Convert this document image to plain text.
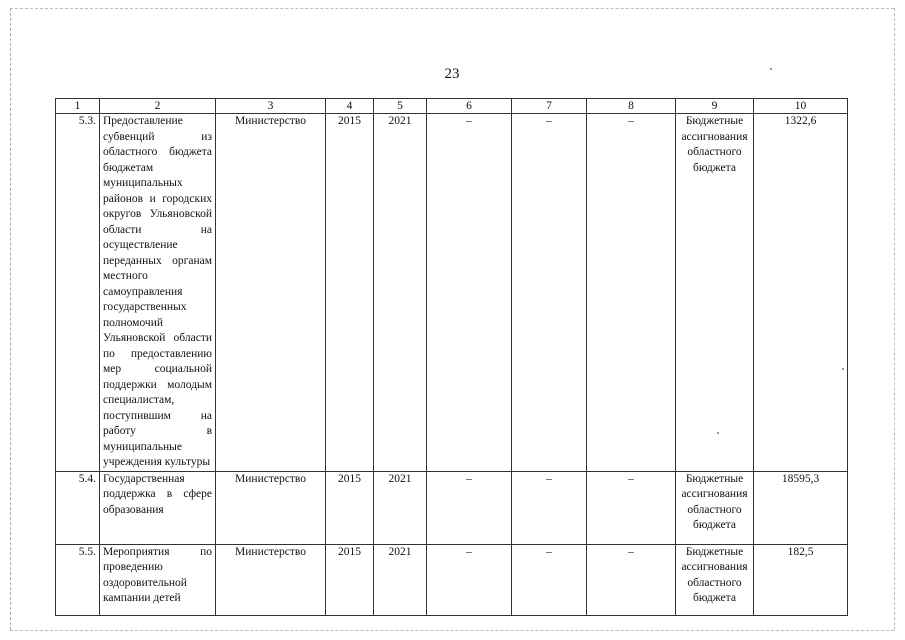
23
1	2	3	4	5	6	7	8	9	10
5.3.	Предоставление субвенций из областного бюджета бюджетам муниципальных районов и городских округов Ульяновской области на осуществление переданных органам местного самоуправления государственных полномочий Ульяновской области по предоставлению мер социальной поддержки молодым специалистам, поступившим на работу в муниципальные учреждения культуры	Министерство	2015	2021	–	–	–	Бюджетные ассигнования областного бюджета	1322,6
5.4.	Государственная поддержка в сфере образования	Министерство	2015	2021	–	–	–	Бюджетные ассигнования областного бюджета	18595,3
5.5.	Мероприятия по проведению оздоровительной кампании детей	Министерство	2015	2021	–	–	–	Бюджетные ассигнования областного бюджета	182,5
